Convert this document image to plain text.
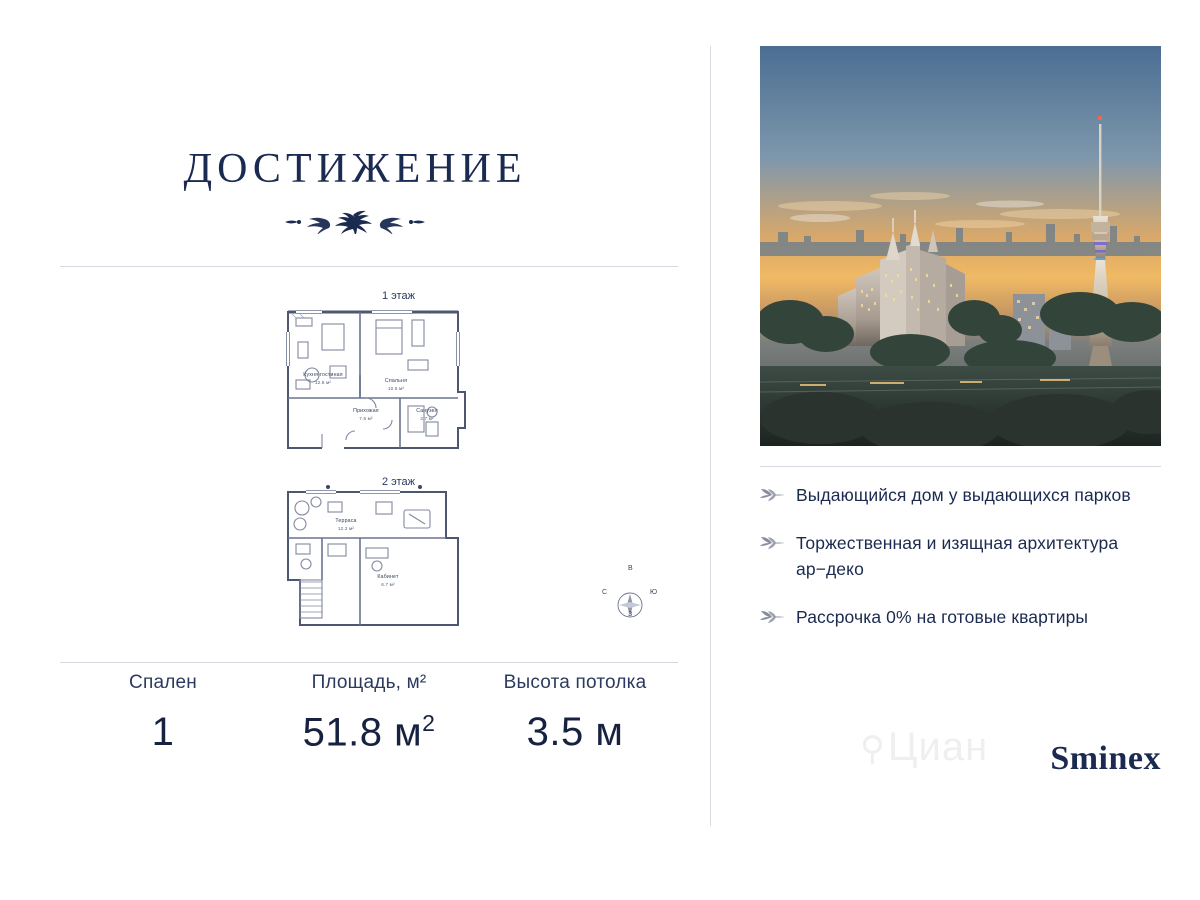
ДОСТИЖЕНИЕ
1 этаж
2 этаж
Кухня-гостиная
12.8 м²	Спальня
10.5 м²
Прихожая
7.6 м²
Санузел
3.7 м²
Терраса
12.2 м²
Кабинет
6.7 м²
В
З
С	Ю
Спален
1
Площадь, м²
51.8 $м^2$
Высота потолка
3.5 м
Выдающийся дом у выдающихся парков
Торжественная и изящная архитектура ар−деко
Рассрочка 0% на готовые квартиры
Sminex
⚲Циан
